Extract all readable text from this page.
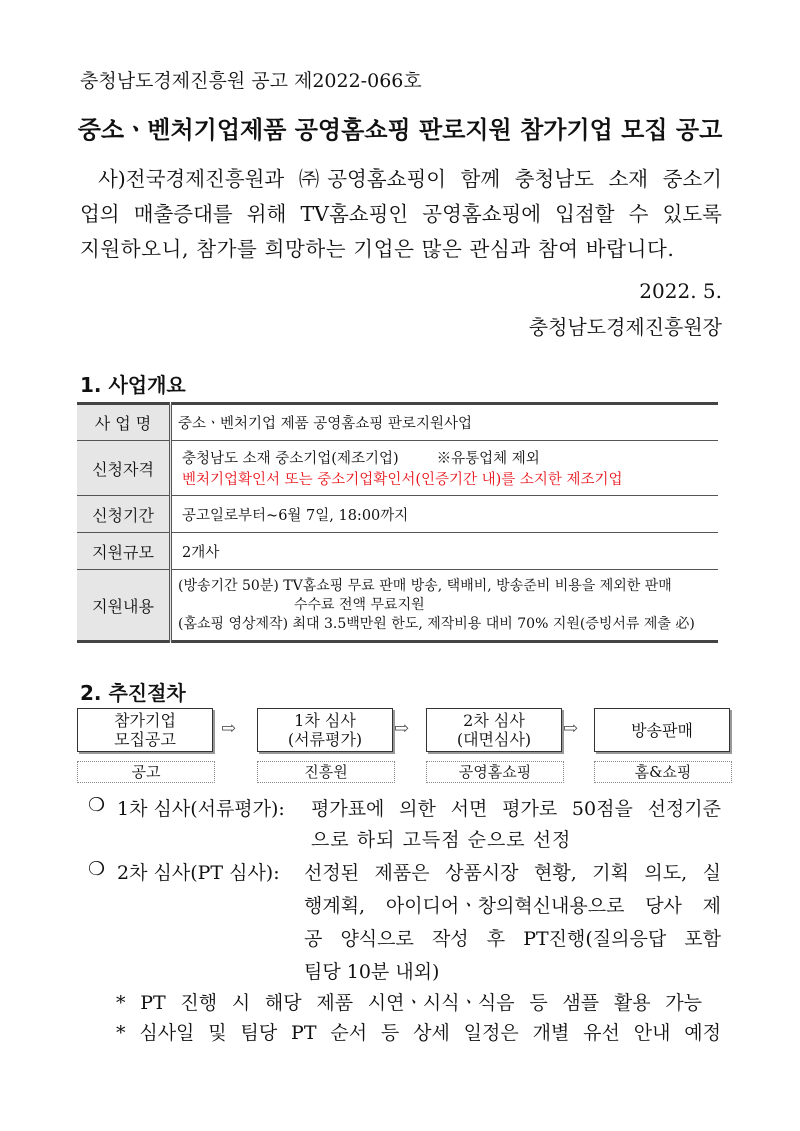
충청남도경제진흥원 공고 제2022-066호
중소ㆍ벤처기업제품 공영홈쇼핑 판로지원 참가기업 모집 공고
사)전국경제진흥원과 ㈜공영홈쇼핑이 함께 충청남도 소재 중소기
업의 매출증대를 위해 TV홈쇼핑인 공영홈쇼핑에 입점할 수 있도록
지원하오니, 참가를 희망하는 기업은 많은 관심과 참여 바랍니다.
2022. 5.
충청남도경제진흥원장
1. 사업개요
사 업 명	중소ㆍ벤처기업 제품 공영홈쇼핑 판로지원사업
신청자격	충청남도 소재 중소기업(제조기업) ※유통업체 제외
벤처기업확인서 또는 중소기업확인서(인증기간 내)를 소지한 제조기업
신청기간	공고일로부터~6월 7일, 18:00까지
지원규모	2개사
지원내용	(방송기간 50분) TV홈쇼핑 무료 판매 방송, 택배비, 방송준비 비용을 제외한 판매
수수료 전액 무료지원
(홈쇼핑 영상제작) 최대 3.5백만원 한도, 제작비용 대비 70% 지원(증빙서류 제출 必)
2. 추진절차
참가기업
모집공고
⇨	1차 심사
(서류평가)
⇨	2차 심사
(대면심사)
⇨	방송판매
공고	진흥원	공영홈쇼핑	홈&쇼핑
❍ 1차 심사(서류평가): 평가표에 의한 서면 평가로 50점을 선정기준
으로 하되 고득점 순으로 선정
❍ 2차 심사(PT 심사): 선정된 제품은 상품시장 현황, 기획 의도, 실
행계획, 아이디어ㆍ창의혁신내용으로 당사 제
공 양식으로 작성 후 PT진행(질의응답 포함
팀당 10분 내외)
* PT 진행 시 해당 제품 시연ㆍ시식ㆍ식음 등 샘플 활용 가능
* 심사일 및 팀당 PT 순서 등 상세 일정은 개별 유선 안내 예정
